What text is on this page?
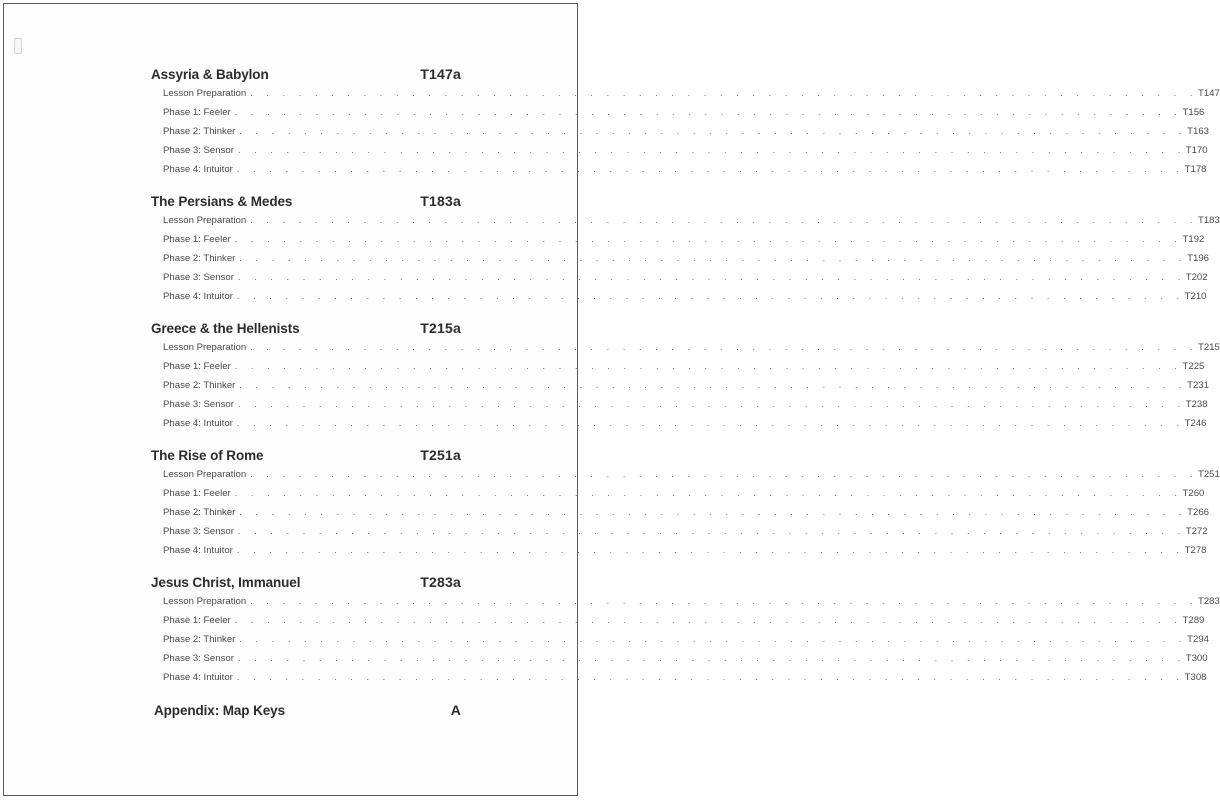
Assyria & Babylon	T147a
Lesson Preparation . . . . . . . . . . . . . . . . . . . . . . . . . . . . . . . . . . . . . . . . . . . . . . . . . . . . . . . . . . . T147
Phase 1: Feeler . . . . . . . . . . . . . . . . . . . . . . . . . . . . . . . . . . . . . . . . . . . . . . . . . . . . . . . . . . . T156
Phase 2: Thinker . . . . . . . . . . . . . . . . . . . . . . . . . . . . . . . . . . . . . . . . . . . . . . . . . . . . . . . . . . . T163
Phase 3: Sensor . . . . . . . . . . . . . . . . . . . . . . . . . . . . . . . . . . . . . . . . . . . . . . . . . . . . . . . . . . . T170
Phase 4: Intuitor . . . . . . . . . . . . . . . . . . . . . . . . . . . . . . . . . . . . . . . . . . . . . . . . . . . . . . . . . . . T178
The Persians & Medes	T183a
Lesson Preparation . . . . . . . . . . . . . . . . . . . . . . . . . . . . . . . . . . . . . . . . . . . . . . . . . . . . . . . . . . . T183
Phase 1: Feeler . . . . . . . . . . . . . . . . . . . . . . . . . . . . . . . . . . . . . . . . . . . . . . . . . . . . . . . . . . . T192
Phase 2: Thinker . . . . . . . . . . . . . . . . . . . . . . . . . . . . . . . . . . . . . . . . . . . . . . . . . . . . . . . . . . . T196
Phase 3: Sensor . . . . . . . . . . . . . . . . . . . . . . . . . . . . . . . . . . . . . . . . . . . . . . . . . . . . . . . . . . . T202
Phase 4: Intuitor . . . . . . . . . . . . . . . . . . . . . . . . . . . . . . . . . . . . . . . . . . . . . . . . . . . . . . . . . . . T210
Greece & the Hellenists	T215a
Lesson Preparation . . . . . . . . . . . . . . . . . . . . . . . . . . . . . . . . . . . . . . . . . . . . . . . . . . . . . . . . . . . T215
Phase 1: Feeler . . . . . . . . . . . . . . . . . . . . . . . . . . . . . . . . . . . . . . . . . . . . . . . . . . . . . . . . . . . T225
Phase 2: Thinker . . . . . . . . . . . . . . . . . . . . . . . . . . . . . . . . . . . . . . . . . . . . . . . . . . . . . . . . . . . T231
Phase 3: Sensor . . . . . . . . . . . . . . . . . . . . . . . . . . . . . . . . . . . . . . . . . . . . . . . . . . . . . . . . . . . T238
Phase 4: Intuitor . . . . . . . . . . . . . . . . . . . . . . . . . . . . . . . . . . . . . . . . . . . . . . . . . . . . . . . . . . . T246
The Rise of Rome	T251a
Lesson Preparation . . . . . . . . . . . . . . . . . . . . . . . . . . . . . . . . . . . . . . . . . . . . . . . . . . . . . . . . . . . T251
Phase 1: Feeler . . . . . . . . . . . . . . . . . . . . . . . . . . . . . . . . . . . . . . . . . . . . . . . . . . . . . . . . . . . T260
Phase 2: Thinker . . . . . . . . . . . . . . . . . . . . . . . . . . . . . . . . . . . . . . . . . . . . . . . . . . . . . . . . . . . T266
Phase 3: Sensor . . . . . . . . . . . . . . . . . . . . . . . . . . . . . . . . . . . . . . . . . . . . . . . . . . . . . . . . . . . T272
Phase 4: Intuitor . . . . . . . . . . . . . . . . . . . . . . . . . . . . . . . . . . . . . . . . . . . . . . . . . . . . . . . . . . . T278
Jesus Christ, Immanuel	T283a
Lesson Preparation . . . . . . . . . . . . . . . . . . . . . . . . . . . . . . . . . . . . . . . . . . . . . . . . . . . . . . . . . . . T283
Phase 1: Feeler . . . . . . . . . . . . . . . . . . . . . . . . . . . . . . . . . . . . . . . . . . . . . . . . . . . . . . . . . . . T289
Phase 2: Thinker . . . . . . . . . . . . . . . . . . . . . . . . . . . . . . . . . . . . . . . . . . . . . . . . . . . . . . . . . . . T294
Phase 3: Sensor . . . . . . . . . . . . . . . . . . . . . . . . . . . . . . . . . . . . . . . . . . . . . . . . . . . . . . . . . . . T300
Phase 4: Intuitor . . . . . . . . . . . . . . . . . . . . . . . . . . . . . . . . . . . . . . . . . . . . . . . . . . . . . . . . . . . T308
Appendix: Map Keys	A
